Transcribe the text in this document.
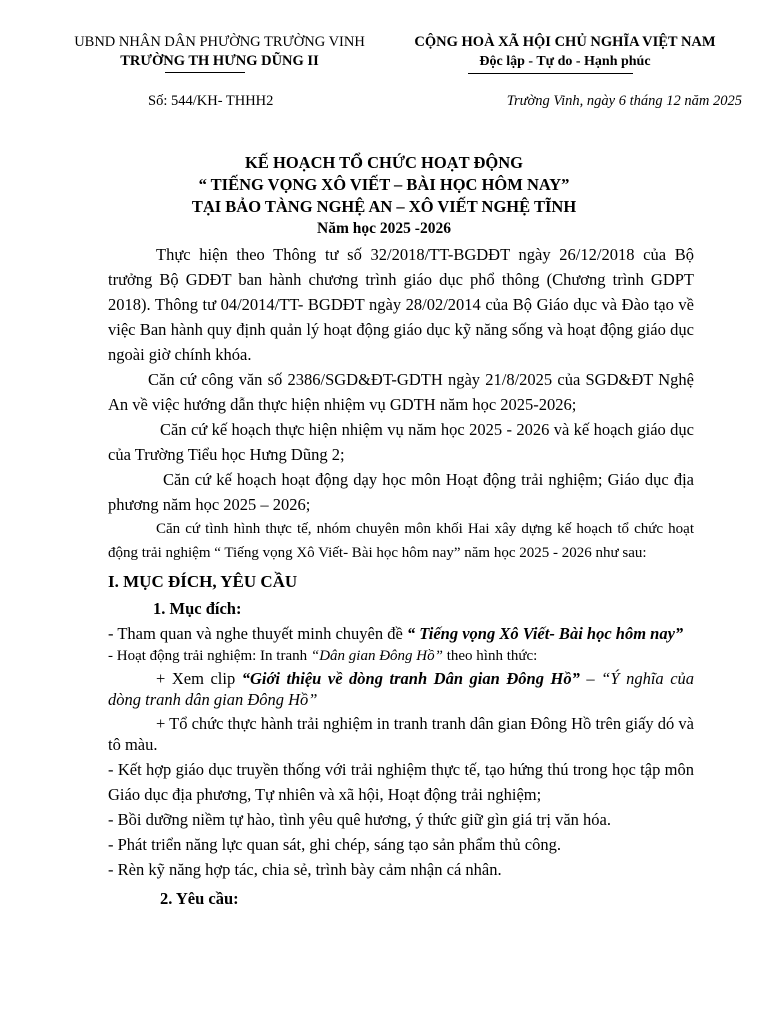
UBND NHÂN DÂN PHƯỜNG TRƯỜNG VINH
TRƯỜNG TH HƯNG DŨNG II
CỘNG HOÀ XÃ HỘI CHỦ NGHĨA VIỆT NAM
Độc lập - Tự do - Hạnh phúc
Số: 544/KH- THHH2	Trường Vinh, ngày 6 tháng 12 năm 2025
KẾ HOẠCH TỔ CHỨC HOẠT ĐỘNG
“ TIẾNG VỌNG XÔ VIẾT – BÀI HỌC HÔM NAY”
TẠI BẢO TÀNG NGHỆ AN – XÔ VIẾT NGHỆ TĨNH
Năm học 2025 -2026

Thực hiện theo Thông tư số 32/2018/TT-BGDĐT ngày 26/12/2018 của Bộ trưởng Bộ GDĐT ban hành chương trình giáo dục phổ thông (Chương trình GDPT 2018). Thông tư 04/2014/TT- BGDĐT ngày 28/02/2014 của Bộ Giáo dục và Đào tạo về việc Ban hành quy định quản lý hoạt động giáo dục kỹ năng sống và hoạt động giáo dục ngoài giờ chính khóa.

Căn cứ công văn số 2386/SGD&ĐT-GDTH ngày 21/8/2025 của SGD&ĐT Nghệ An về việc hướng dẫn thực hiện nhiệm vụ GDTH năm học 2025-2026;

Căn cứ kế hoạch thực hiện nhiệm vụ năm học 2025 - 2026 và kế hoạch giáo dục của Trường Tiểu học Hưng Dũng 2;

Căn cứ kế hoạch hoạt động dạy học môn Hoạt động trải nghiệm; Giáo dục địa phương năm học 2025 – 2026;

Căn cứ tình hình thực tế, nhóm chuyên môn khối Hai xây dựng kế hoạch tổ chức hoạt động trải nghiệm “ Tiếng vọng Xô Viết- Bài học hôm nay” năm học 2025 - 2026 như sau:

I. MỤC ĐÍCH, YÊU CẦU

1. Mục đích:

- Tham quan và nghe thuyết minh chuyên đề “ Tiếng vọng Xô Viết- Bài học hôm nay”

- Hoạt động trải nghiệm: In tranh “Dân gian Đông Hồ” theo hình thức:

+ Xem clip “Giới thiệu về dòng tranh Dân gian Đông Hồ” – “Ý nghĩa của dòng tranh dân gian Đông Hồ”

+ Tổ chức thực hành trải nghiệm in tranh tranh dân gian Đông Hồ trên giấy dó và tô màu.

- Kết hợp giáo dục truyền thống với trải nghiệm thực tế, tạo hứng thú trong học tập môn Giáo dục địa phương, Tự nhiên và xã hội, Hoạt động trải nghiệm;

- Bồi dưỡng niềm tự hào, tình yêu quê hương, ý thức giữ gìn giá trị văn hóa.

- Phát triển năng lực quan sát, ghi chép, sáng tạo sản phẩm thủ công.

- Rèn kỹ năng hợp tác, chia sẻ, trình bày cảm nhận cá nhân.

2. Yêu cầu:
